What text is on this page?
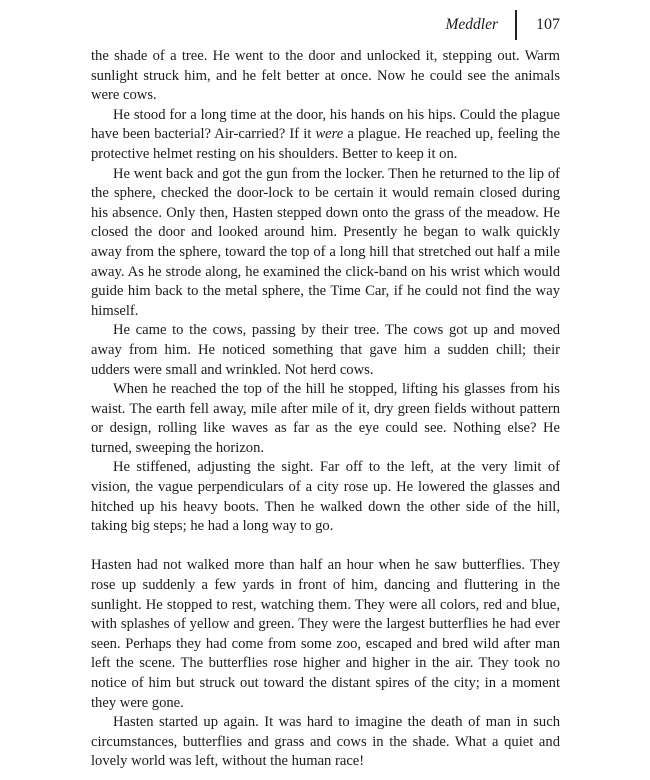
Meddler 107

the shade of a tree. He went to the door and unlocked it, stepping out. Warm sunlight struck him, and he felt better at once. Now he could see the animals were cows.

He stood for a long time at the door, his hands on his hips. Could the plague have been bacterial? Air-carried? If it were a plague. He reached up, feeling the protective helmet resting on his shoulders. Better to keep it on.

He went back and got the gun from the locker. Then he returned to the lip of the sphere, checked the door-lock to be certain it would remain closed during his absence. Only then, Hasten stepped down onto the grass of the meadow. He closed the door and looked around him. Presently he began to walk quickly away from the sphere, toward the top of a long hill that stretched out half a mile away. As he strode along, he examined the click-band on his wrist which would guide him back to the metal sphere, the Time Car, if he could not find the way himself.

He came to the cows, passing by their tree. The cows got up and moved away from him. He noticed something that gave him a sudden chill; their udders were small and wrinkled. Not herd cows.

When he reached the top of the hill he stopped, lifting his glasses from his waist. The earth fell away, mile after mile of it, dry green fields without pattern or design, rolling like waves as far as the eye could see. Nothing else? He turned, sweeping the horizon.

He stiffened, adjusting the sight. Far off to the left, at the very limit of vision, the vague perpendiculars of a city rose up. He lowered the glasses and hitched up his heavy boots. Then he walked down the other side of the hill, taking big steps; he had a long way to go.

Hasten had not walked more than half an hour when he saw butterflies. They rose up suddenly a few yards in front of him, dancing and fluttering in the sunlight. He stopped to rest, watching them. They were all colors, red and blue, with splashes of yellow and green. They were the largest butterflies he had ever seen. Perhaps they had come from some zoo, escaped and bred wild after man left the scene. The butterflies rose higher and higher in the air. They took no notice of him but struck out toward the distant spires of the city; in a moment they were gone.

Hasten started up again. It was hard to imagine the death of man in such circumstances, butterflies and grass and cows in the shade. What a quiet and lovely world was left, without the human race!
